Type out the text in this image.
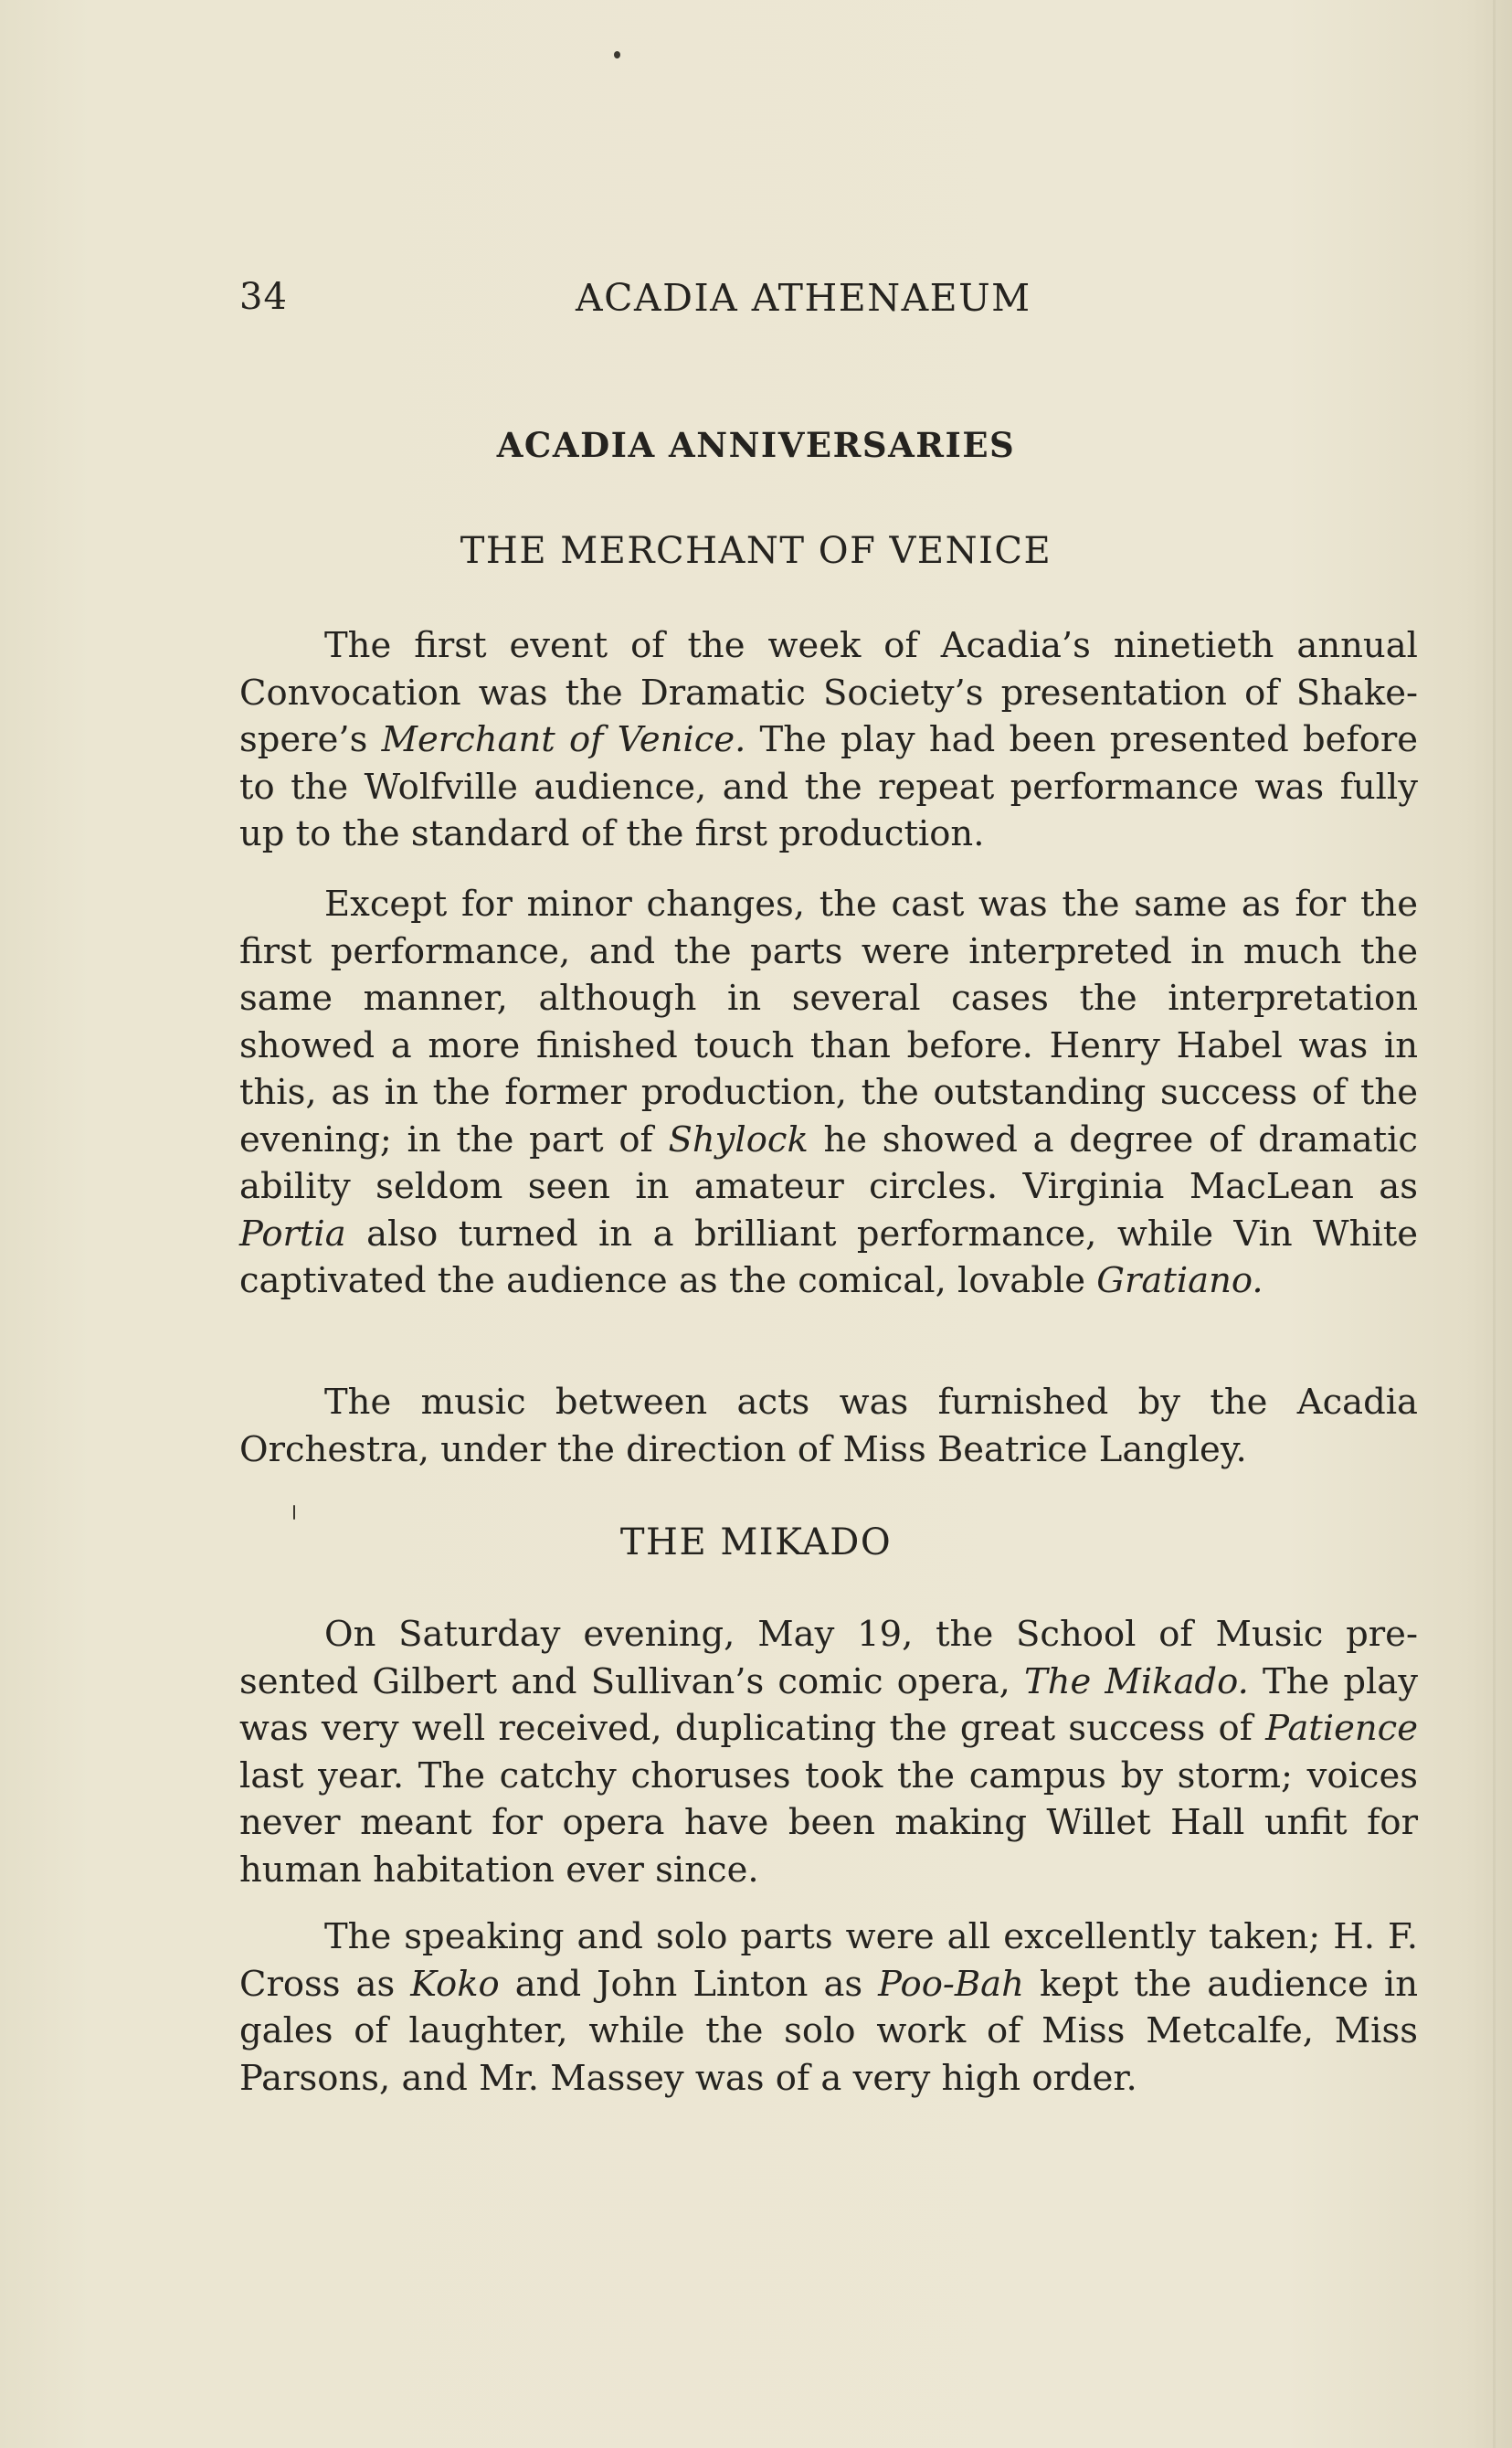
34	ACADIA ATHENAEUM
ACADIA ANNIVERSARIES
THE MERCHANT OF VENICE

The first event of the week of Acadia’s ninetieth annual Convocation was the Dramatic Society’s presentation of Shakespere’s Merchant of Venice. The play had been presented before to the Wolfville audience, and the repeat performance was fully up to the standard of the first production.

Except for minor changes, the cast was the same as for the first performance, and the parts were interpreted in much the same manner, although in several cases the interpretation showed a more finished touch than before. Henry Habel was in this, as in the former production, the outstanding success of the evening; in the part of Shylock he showed a degree of dramatic ability seldom seen in amateur circles. Virginia MacLean as Portia also turned in a brilliant performance, while Vin White captivated the audience as the comical, lovable Gratiano.

The music between acts was furnished by the Acadia Orchestra, under the direction of Miss Beatrice Langley.

THE MIKADO

On Saturday evening, May 19, the School of Music presented Gilbert and Sullivan’s comic opera, The Mikado. The play was very well received, duplicating the great success of Patience last year. The catchy choruses took the campus by storm; voices never meant for opera have been making Willet Hall unfit for human habitation ever since.

The speaking and solo parts were all excellently taken; H. F. Cross as Koko and John Linton as Poo-Bah kept the audience in gales of laughter, while the solo work of Miss Metcalfe, Miss Parsons, and Mr. Massey was of a very high order.
